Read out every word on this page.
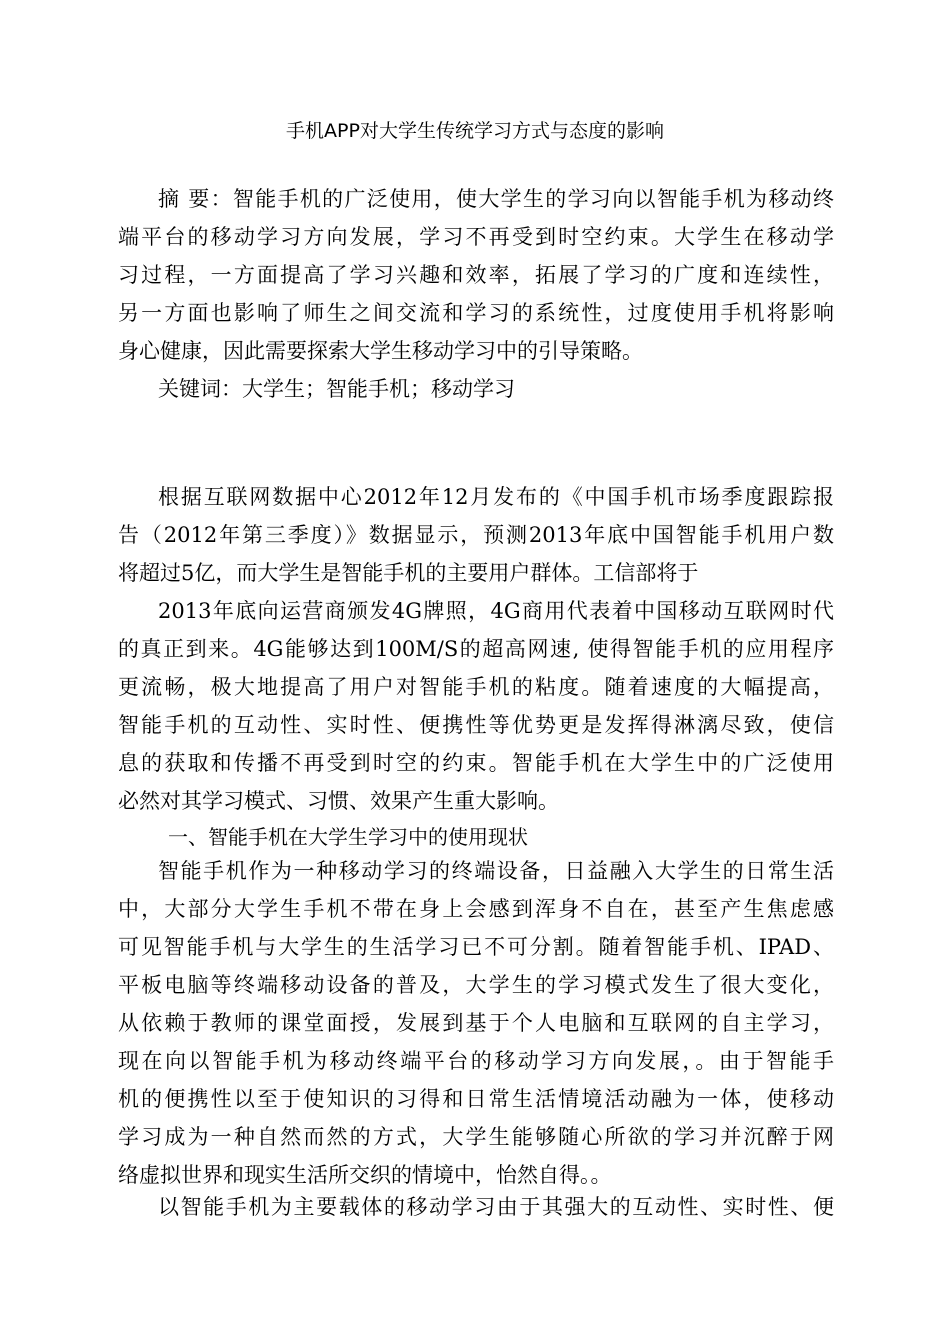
手机APP对大学生传统学习方式与态度的影响
摘 要：智能手机的广泛使用，使大学生的学习向以智能手机为移动终
端平台的移动学习方向发展，学习不再受到时空约束。大学生在移动学
习过程，一方面提高了学习兴趣和效率，拓展了学习的广度和连续性，
另一方面也影响了师生之间交流和学习的系统性，过度使用手机将影响
身心健康，因此需要探索大学生移动学习中的引导策略。
关键词：大学生；智能手机；移动学习
根据互联网数据中心2012年12月发布的《中国手机市场季度跟踪报
告（2012年第三季度）》数据显示，预测2013年底中国智能手机用户数
将超过5亿，而大学生是智能手机的主要用户群体。工信部将于
2013年底向运营商颁发4G牌照，4G商用代表着中国移动互联网时代
的真正到来。4G能够达到100M/S的超高网速, 使得智能手机的应用程序
更流畅，极大地提高了用户对智能手机的粘度。随着速度的大幅提高，
智能手机的互动性、实时性、便携性等优势更是发挥得淋漓尽致，使信
息的获取和传播不再受到时空的约束。智能手机在大学生中的广泛使用
必然对其学习模式、习惯、效果产生重大影响。
一、智能手机在大学生学习中的使用现状
智能手机作为一种移动学习的终端设备，日益融入大学生的日常生活
中，大部分大学生手机不带在身上会感到浑身不自在，甚至产生焦虑感
可见智能手机与大学生的生活学习已不可分割。随着智能手机、IPAD、
平板电脑等终端移动设备的普及，大学生的学习模式发生了很大变化，
从依赖于教师的课堂面授，发展到基于个人电脑和互联网的自主学习，
现在向以智能手机为移动终端平台的移动学习方向发展，。由于智能手
机的便携性以至于使知识的习得和日常生活情境活动融为一体，使移动
学习成为一种自然而然的方式，大学生能够随心所欲的学习并沉醉于网
络虚拟世界和现实生活所交织的情境中，怡然自得。。
以智能手机为主要载体的移动学习由于其强大的互动性、实时性、便
